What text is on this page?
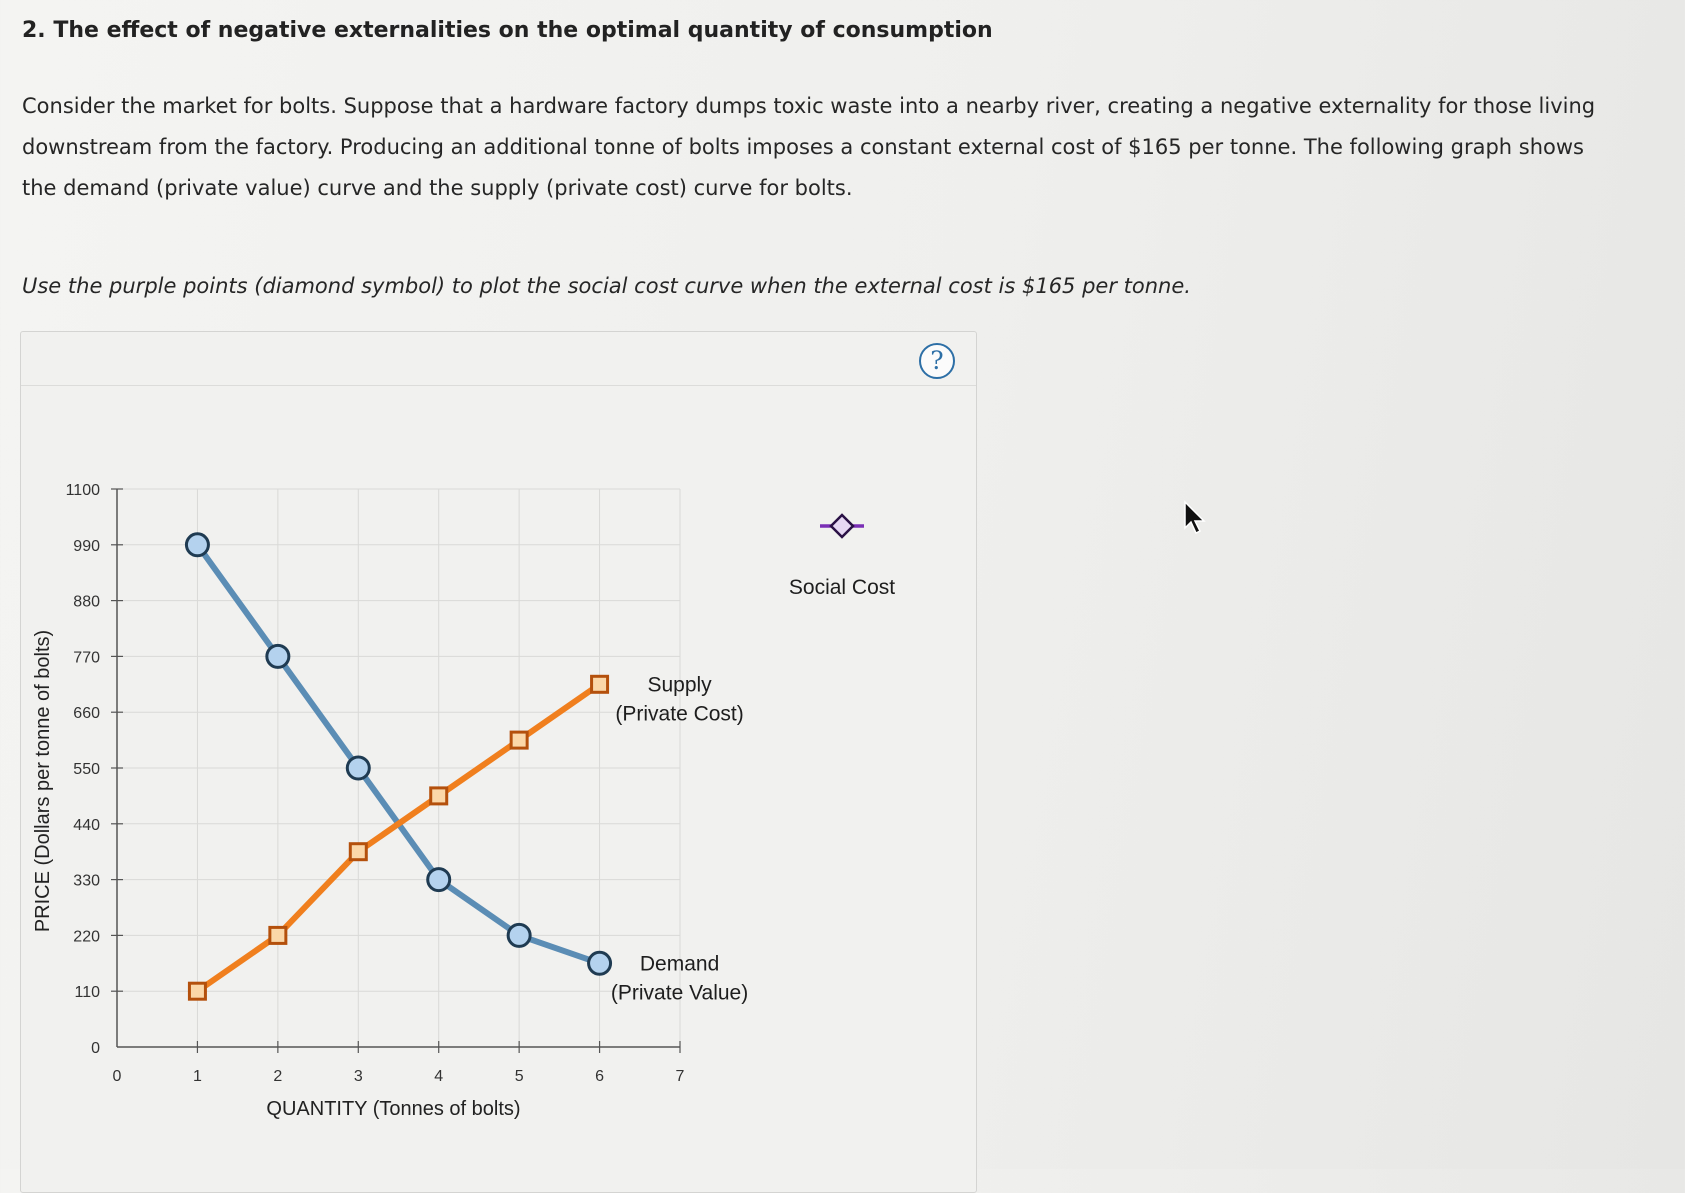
2. The effect of negative externalities on the optimal quantity of consumption
Consider the market for bolts. Suppose that a hardware factory dumps toxic waste into a nearby river, creating a negative externality for those living
downstream from the factory. Producing an additional tonne of bolts imposes a constant external cost of $165 per tonne. The following graph shows
the demand (private value) curve and the supply (private cost) curve for bolts.
Use the purple points (diamond symbol) to plot the social cost curve when the external cost is $165 per tonne.
?
0
110
220
330
440
550
660
770
880
990
1100
0	1	2	3	4	5	6	7
QUANTITY (Tonnes of bolts)
PRICE (Dollars per tonne of bolts)
Demand
(Private Value)
Supply
(Private Cost)
Social Cost
